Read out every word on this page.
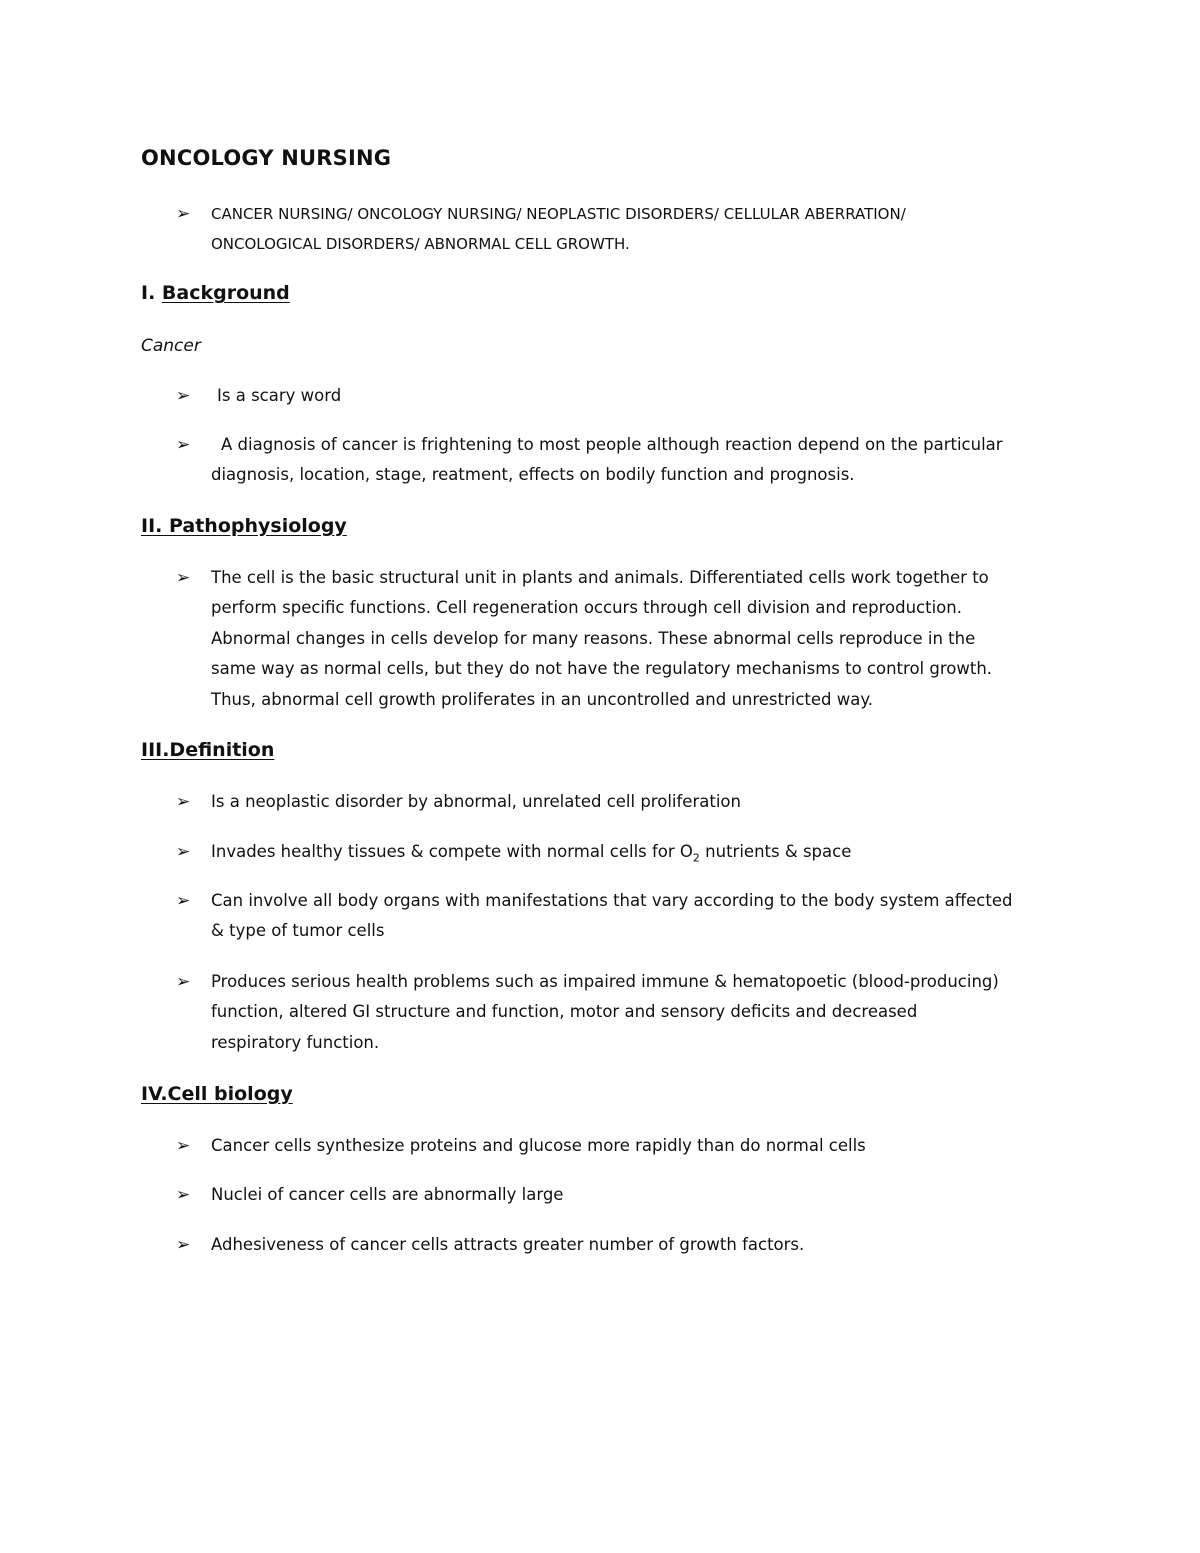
ONCOLOGY NURSING
➢ CANCER NURSING/ ONCOLOGY NURSING/ NEOPLASTIC DISORDERS/ CELLULAR ABERRATION/
ONCOLOGICAL DISORDERS/ ABNORMAL CELL GROWTH.
I. Background
Cancer
➢ Is a scary word
➢	A diagnosis of cancer is frightening to most people although reaction depend on the particular
diagnosis, location, stage, reatment, effects on bodily function and prognosis.
II. Pathophysiology
➢ The cell is the basic structural unit in plants and animals. Differentiated cells work together to
perform specific functions. Cell regeneration occurs through cell division and reproduction.
Abnormal changes in cells develop for many reasons. These abnormal cells reproduce in the
same way as normal cells, but they do not have the regulatory mechanisms to control growth.
Thus, abnormal cell growth proliferates in an uncontrolled and unrestricted way.
III.Definition
➢ Is a neoplastic disorder by abnormal, unrelated cell proliferation
➢ Invades healthy tissues & compete with normal cells for $O_2$ nutrients & space
➢ Can involve all body organs with manifestations that vary according to the body system affected
& type of tumor cells
➢ Produces serious health problems such as impaired immune & hematopoetic (blood-producing)
function, altered GI structure and function, motor and sensory deficits and decreased
respiratory function.
IV.Cell biology
➢ Cancer cells synthesize proteins and glucose more rapidly than do normal cells
➢ Nuclei of cancer cells are abnormally large
➢ Adhesiveness of cancer cells attracts greater number of growth factors.
